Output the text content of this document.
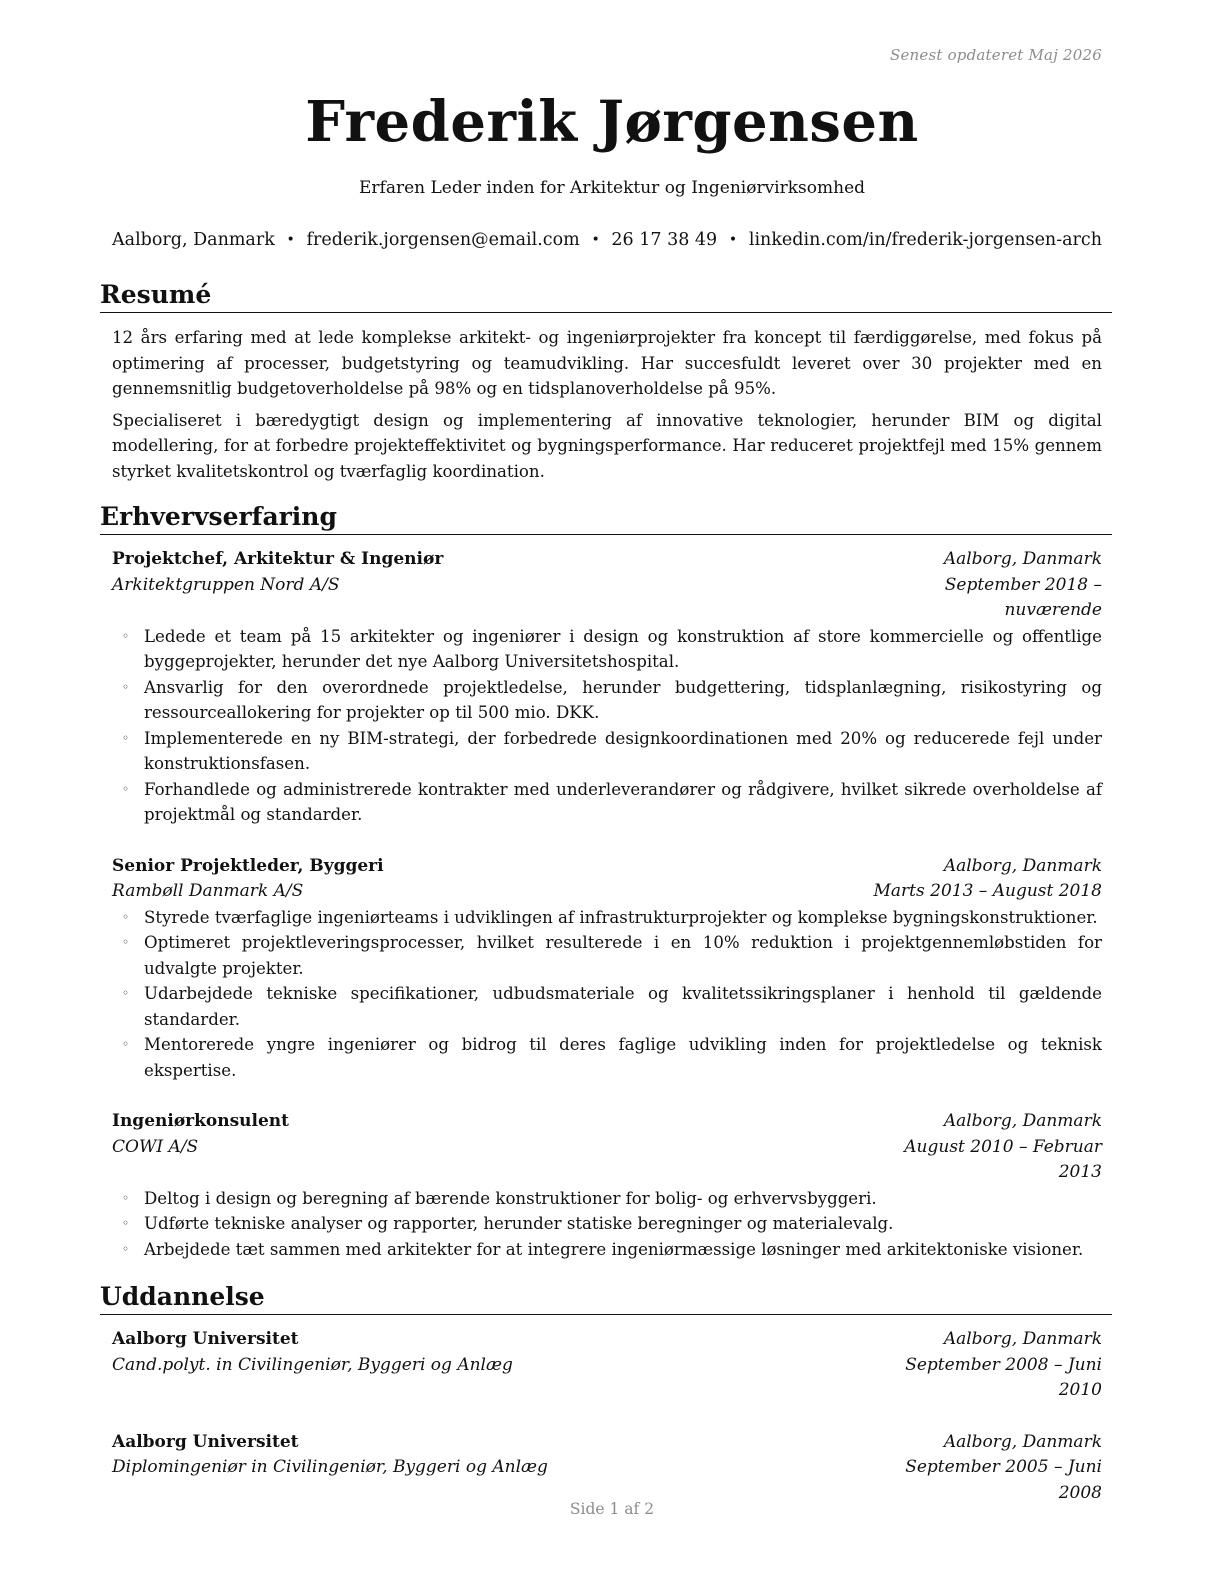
Senest opdateret Maj 2026
Frederik Jørgensen
Erfaren Leder inden for Arkitektur og Ingeniørvirksomhed
Aalborg, Danmark • frederik.jorgensen@email.com • 26 17 38 49 • linkedin.com/in/frederik-jorgensen-arch
Resumé

12 års erfaring med at lede komplekse arkitekt- og ingeniørprojekter fra koncept til færdiggørelse, med fokus på optimering af processer, budgetstyring og teamudvikling. Har succesfuldt leveret over 30 projekter med en gennemsnitlig budgetoverholdelse på 98% og en tidsplanoverholdelse på 95%.

Specialiseret i bæredygtigt design og implementering af innovative teknologier, herunder BIM og digital modellering, for at forbedre projekteffektivitet og bygningsperformance. Har reduceret projektfejl med 15% gennem styrket kvalitetskontrol og tværfaglig koordination.

Erhvervserfaring
Projektchef, Arkitektur & Ingeniør	Aalborg, Danmark
Arkitektgruppen Nord A/S	September 2018 – nuværende
◦ Ledede et team på 15 arkitekter og ingeniører i design og konstruktion af store kommercielle og offentlige byggeprojekter, herunder det nye Aalborg Universitetshospital.
◦ Ansvarlig for den overordnede projektledelse, herunder budgettering, tidsplanlægning, risikostyring og ressourceallokering for projekter op til 500 mio. DKK.
◦ Implementerede en ny BIM-strategi, der forbedrede designkoordinationen med 20% og reducerede fejl under konstruktionsfasen.
◦ Forhandlede og administrerede kontrakter med underleverandører og rådgivere, hvilket sikrede overholdelse af projektmål og standarder.
Senior Projektleder, Byggeri	Aalborg, Danmark
Rambøll Danmark A/S	Marts 2013 – August 2018
◦ Styrede tværfaglige ingeniørteams i udviklingen af infrastrukturprojekter og komplekse bygningskonstruktioner.
◦ Optimeret projektleveringsprocesser, hvilket resulterede i en 10% reduktion i projektgennemløbstiden for udvalgte projekter.
◦ Udarbejdede tekniske specifikationer, udbudsmateriale og kvalitetssikringsplaner i henhold til gældende standarder.
◦ Mentorerede yngre ingeniører og bidrog til deres faglige udvikling inden for projektledelse og teknisk ekspertise.
Ingeniørkonsulent	Aalborg, Danmark
COWI A/S	August 2010 – Februar 2013
◦ Deltog i design og beregning af bærende konstruktioner for bolig- og erhvervsbyggeri.
◦ Udførte tekniske analyser og rapporter, herunder statiske beregninger og materialevalg.
◦ Arbejdede tæt sammen med arkitekter for at integrere ingeniørmæssige løsninger med arkitektoniske visioner.
Uddannelse
Aalborg Universitet	Aalborg, Danmark
Cand.polyt. in Civilingeniør, Byggeri og Anlæg	September 2008 – Juni 2010
Aalborg Universitet	Aalborg, Danmark
Diplomingeniør in Civilingeniør, Byggeri og Anlæg	September 2005 – Juni 2008
Side 1 af 2
